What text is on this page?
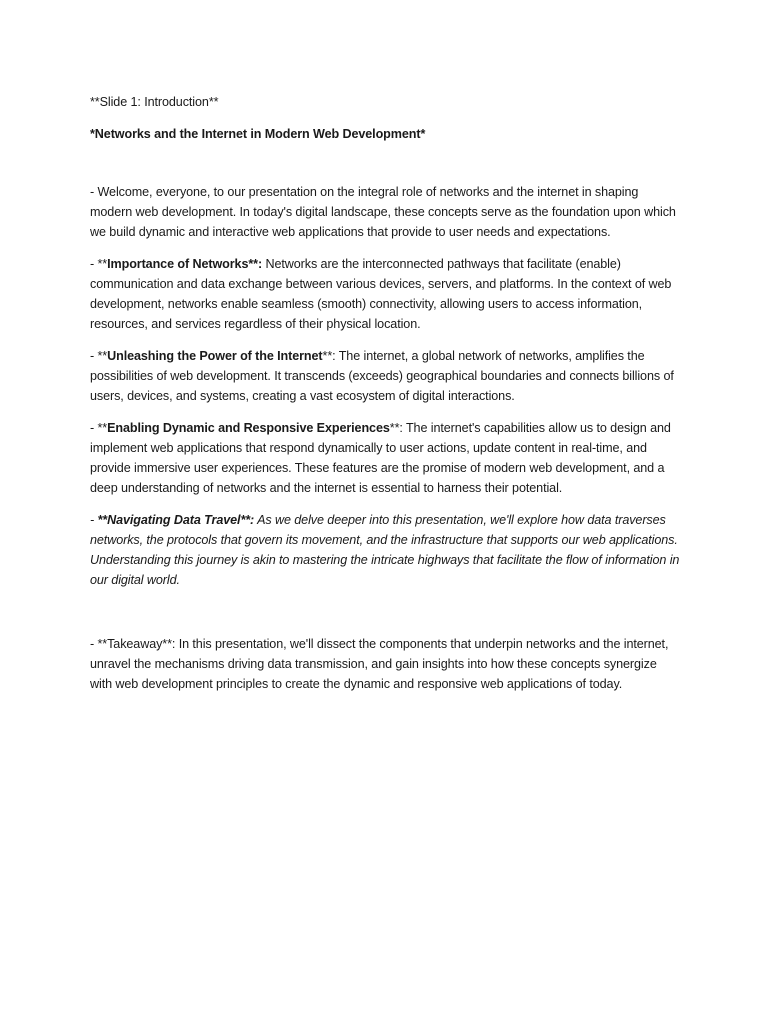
**Slide 1: Introduction**

*Networks and the Internet in Modern Web Development*

- Welcome, everyone, to our presentation on the integral role of networks and the internet in shaping modern web development. In today's digital landscape, these concepts serve as the foundation upon which we build dynamic and interactive web applications that provide to user needs and expectations.

- **Importance of Networks**: Networks are the interconnected pathways that facilitate (enable) communication and data exchange between various devices, servers, and platforms. In the context of web development, networks enable seamless (smooth) connectivity, allowing users to access information, resources, and services regardless of their physical location.

- **Unleashing the Power of the Internet**: The internet, a global network of networks, amplifies the possibilities of web development. It transcends (exceeds) geographical boundaries and connects billions of users, devices, and systems, creating a vast ecosystem of digital interactions.

- **Enabling Dynamic and Responsive Experiences**: The internet's capabilities allow us to design and implement web applications that respond dynamically to user actions, update content in real-time, and provide immersive user experiences. These features are the promise of modern web development, and a deep understanding of networks and the internet is essential to harness their potential.

- **Navigating Data Travel**: As we delve deeper into this presentation, we'll explore how data traverses networks, the protocols that govern its movement, and the infrastructure that supports our web applications. Understanding this journey is akin to mastering the intricate highways that facilitate the flow of information in our digital world.

- **Takeaway**: In this presentation, we'll dissect the components that underpin networks and the internet, unravel the mechanisms driving data transmission, and gain insights into how these concepts synergize with web development principles to create the dynamic and responsive web applications of today.
